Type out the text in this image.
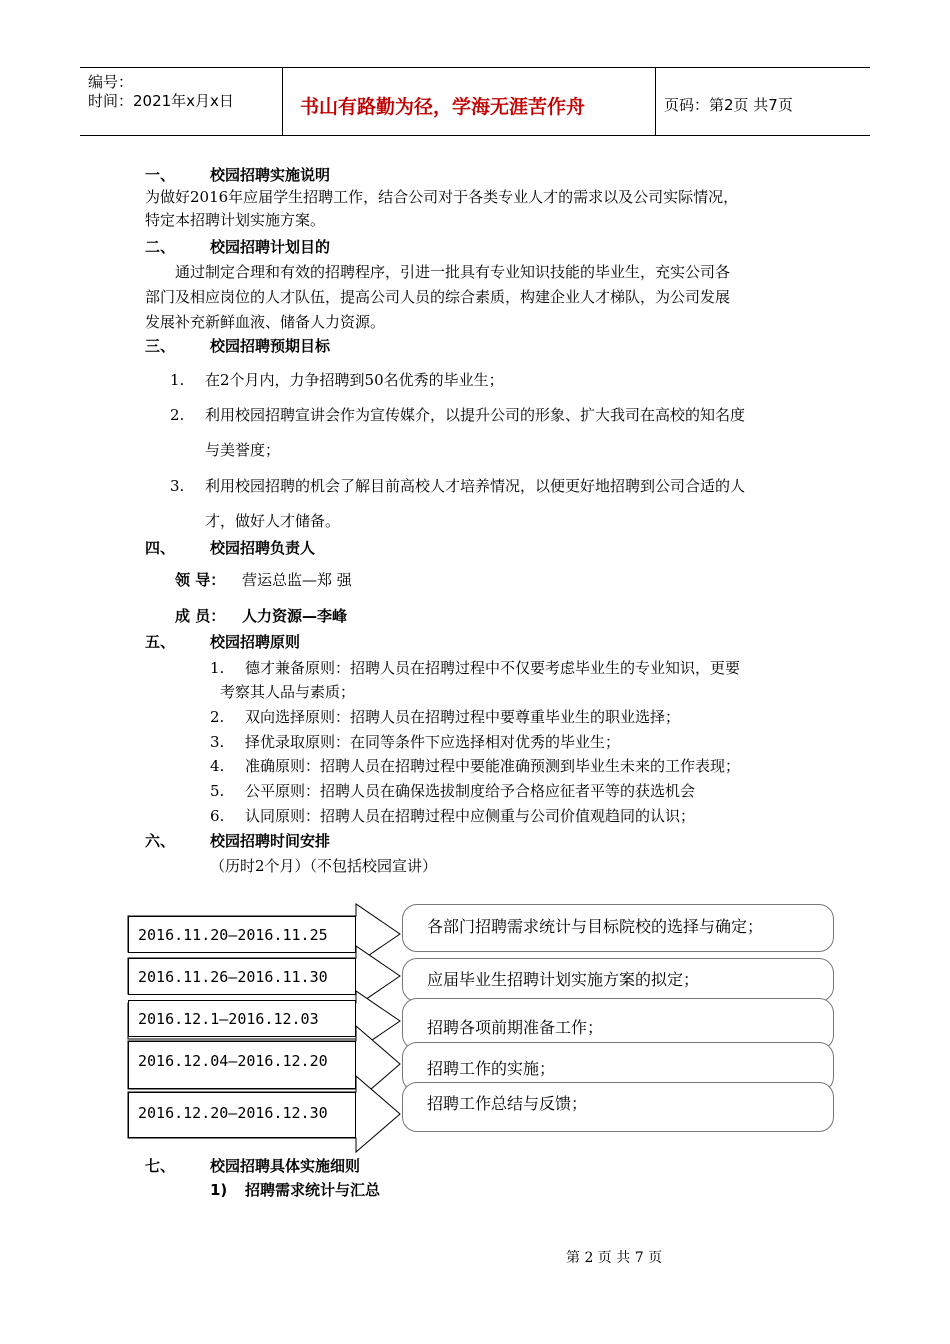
编号：
时间：2021年x月x日	书山有路勤为径，学海无涯苦作舟	页码：第2页 共7页
一、 校园招聘实施说明
为做好2016年应届学生招聘工作，结合公司对于各类专业人才的需求以及公司实际情况，
特定本招聘计划实施方案。
二、 校园招聘计划目的
通过制定合理和有效的招聘程序，引进一批具有专业知识技能的毕业生，充实公司各
部门及相应岗位的人才队伍，提高公司人员的综合素质，构建企业人才梯队，为公司发展
发展补充新鲜血液、储备人力资源。
三、 校园招聘预期目标
1. 在2个月内，力争招聘到50名优秀的毕业生；
2. 利用校园招聘宣讲会作为宣传媒介，以提升公司的形象、扩大我司在高校的知名度
与美誉度；
3. 利用校园招聘的机会了解目前高校人才培养情况，以便更好地招聘到公司合适的人
才，做好人才储备。
四、 校园招聘负责人
领 导： 营运总监—郑 强
成 员： 人力资源—李峰
五、 校园招聘原则
1. 德才兼备原则：招聘人员在招聘过程中不仅要考虑毕业生的专业知识，更要
考察其人品与素质；
2. 双向选择原则：招聘人员在招聘过程中要尊重毕业生的职业选择；
3. 择优录取原则：在同等条件下应选择相对优秀的毕业生；
4. 准确原则：招聘人员在招聘过程中要能准确预测到毕业生未来的工作表现；
5. 公平原则：招聘人员在确保选拔制度给予合格应征者平等的获选机会
6. 认同原则：招聘人员在招聘过程中应侧重与公司价值观趋同的认识；
六、 校园招聘时间安排
（历时2个月）（不包括校园宣讲）
各部门招聘需求统计与目标院校的选择与确定；
应届毕业生招聘计划实施方案的拟定；
招聘各项前期准备工作；
招聘工作的实施；
招聘工作总结与反馈；
2016.11.20—2016.11.25
2016.11.26—2016.11.30
2016.12.1—2016.12.03
2016.12.04—2016.12.20
2016.12.20—2016.12.30
七、 校园招聘具体实施细则
1) 招聘需求统计与汇总
第 2 页 共 7 页
